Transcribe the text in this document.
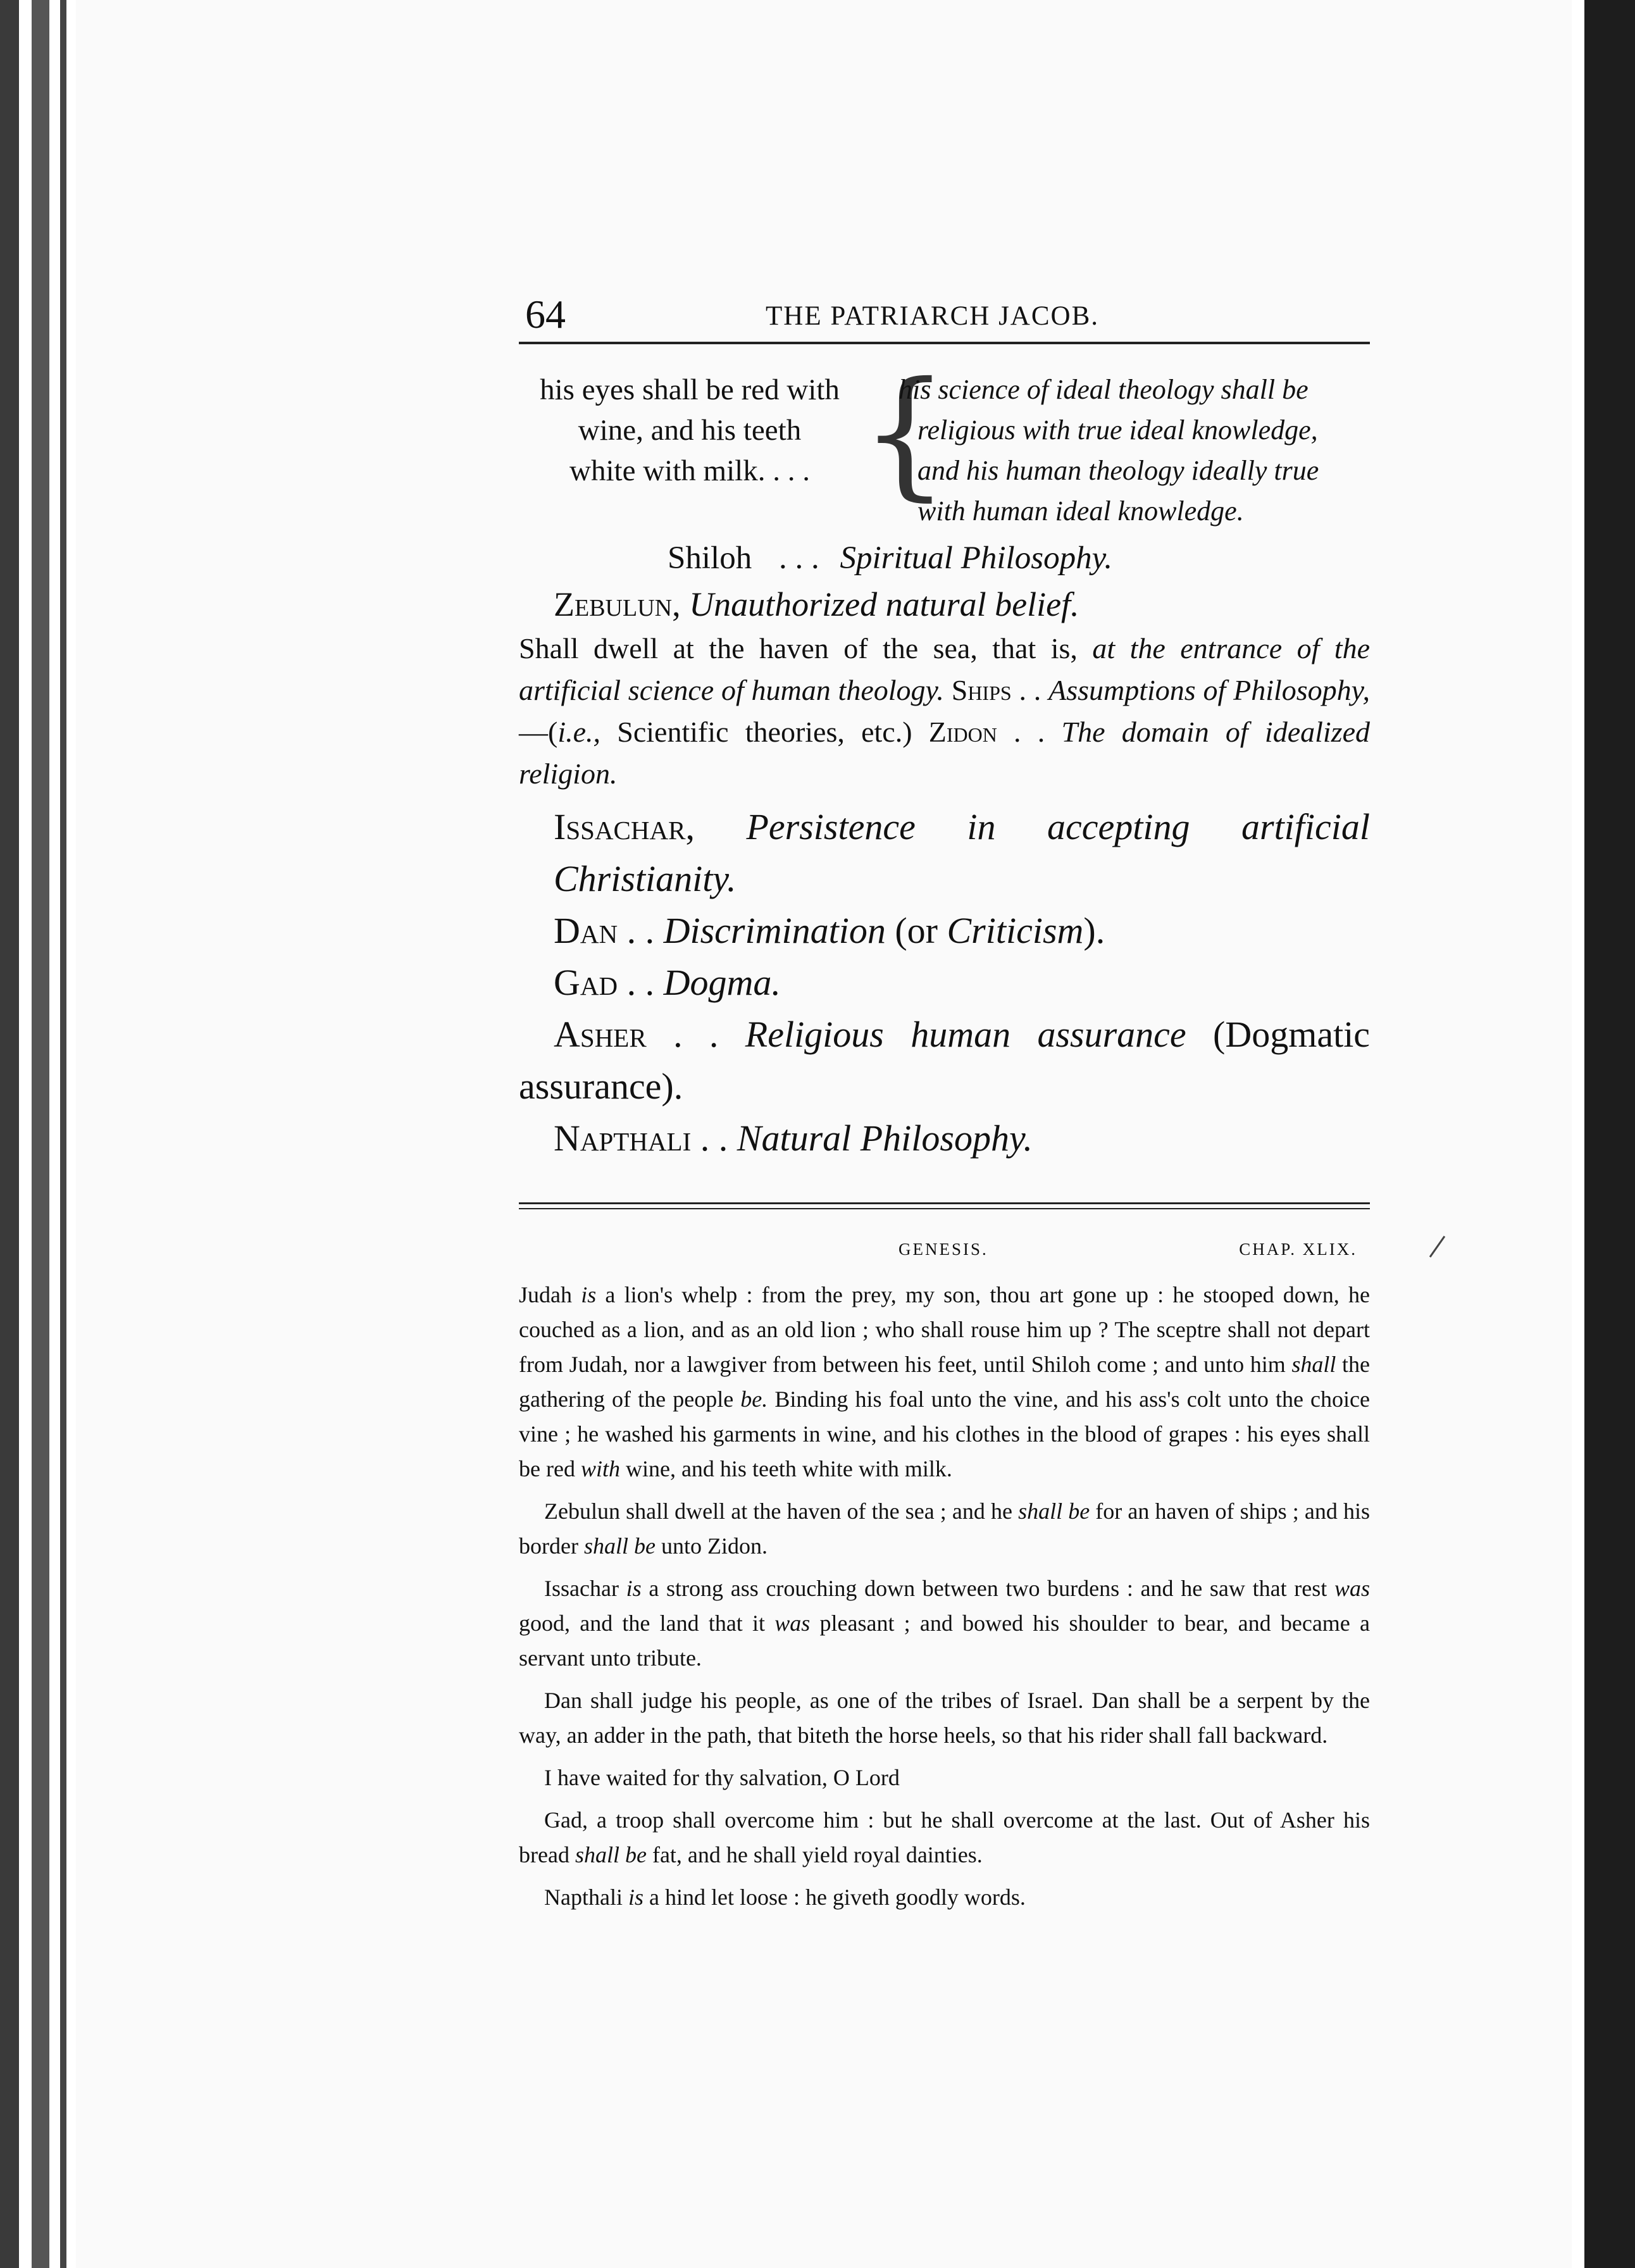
64	THE PATRIARCH JACOB.
his eyes shall be red with
wine, and his teeth
white with milk. . . . {
his science of ideal theology shall be
religious with true ideal knowledge,
and his human theology ideally true
with human ideal knowledge.
Shiloh . . . Spiritual Philosophy.
Zebulun, Unauthorized natural belief.
Shall dwell at the haven of the sea, that is, at the entrance of the artificial science of human theology. Ships . . Assumptions of Philosophy,—(i.e., Scientific theories, etc.) Zidon . . The domain of idealized religion.
Issachar, Persistence in accepting artificial Christianity.
Dan . . Discrimination (or Criticism).
Gad . . Dogma.
Asher . . Religious human assurance (Dogmatic assurance).
Napthali . . Natural Philosophy.
GENESIS.	CHAP. XLIX.

Judah is a lion's whelp : from the prey, my son, thou art gone up : he stooped down, he couched as a lion, and as an old lion ; who shall rouse him up ? The sceptre shall not depart from Judah, nor a lawgiver from between his feet, until Shiloh come ; and unto him shall the gathering of the people be. Binding his foal unto the vine, and his ass's colt unto the choice vine ; he washed his garments in wine, and his clothes in the blood of grapes : his eyes shall be red with wine, and his teeth white with milk.

Zebulun shall dwell at the haven of the sea ; and he shall be for an haven of ships ; and his border shall be unto Zidon.

Issachar is a strong ass crouching down between two burdens : and he saw that rest was good, and the land that it was pleasant ; and bowed his shoulder to bear, and became a servant unto tribute.

Dan shall judge his people, as one of the tribes of Israel. Dan shall be a serpent by the way, an adder in the path, that biteth the horse heels, so that his rider shall fall backward.

I have waited for thy salvation, O Lord

Gad, a troop shall overcome him : but he shall overcome at the last. Out of Asher his bread shall be fat, and he shall yield royal dainties.

Napthali is a hind let loose : he giveth goodly words.
